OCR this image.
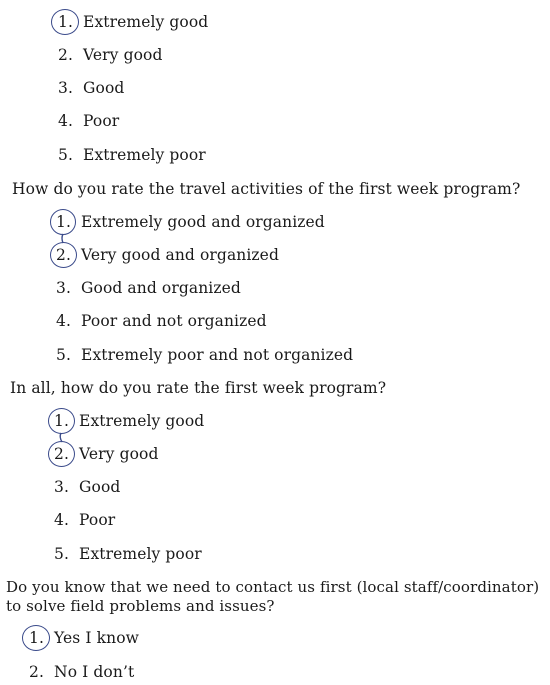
1. Extremely good
2. Very good
3. Good
4. Poor
5. Extremely poor
How do you rate the travel activities of the first week program?
1. Extremely good and organized
2. Very good and organized
3. Good and organized
4. Poor and not organized
5. Extremely poor and not organized
In all, how do you rate the first week program?
1. Extremely good
2. Very good
3. Good
4. Poor
5. Extremely poor
Do you know that we need to contact us first (local staff/coordinator)
to solve field problems and issues?
1. Yes I know
2. No I don’t
